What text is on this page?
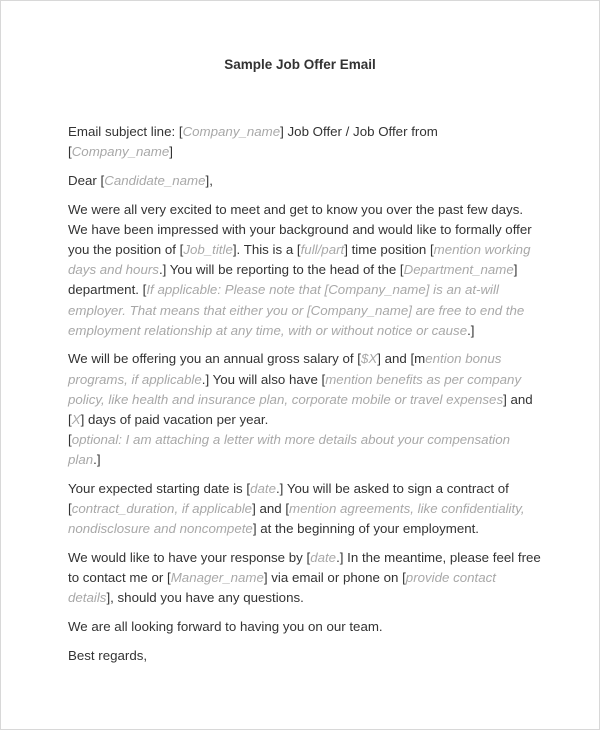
Sample Job Offer Email
Email subject line: [Company_name] Job Offer / Job Offer from
[Company_name]
Dear [Candidate_name],
We were all very excited to meet and get to know you over the past few days.
We have been impressed with your background and would like to formally offer
you the position of [Job_title]. This is a [full/part] time position [mention working
days and hours.] You will be reporting to the head of the [Department_name]
department. [If applicable: Please note that [Company_name] is an at-will
employer. That means that either you or [Company_name] are free to end the
employment relationship at any time, with or without notice or cause.]
We will be offering you an annual gross salary of [$X] and [mention bonus
programs, if applicable.] You will also have [mention benefits as per company
policy, like health and insurance plan, corporate mobile or travel expenses] and
[X] days of paid vacation per year.
[optional: I am attaching a letter with more details about your compensation
plan.]
Your expected starting date is [date.] You will be asked to sign a contract of
[contract_duration, if applicable] and [mention agreements, like confidentiality,
nondisclosure and noncompete] at the beginning of your employment.
We would like to have your response by [date.] In the meantime, please feel free
to contact me or [Manager_name] via email or phone on [provide contact
details], should you have any questions.
We are all looking forward to having you on our team.
Best regards,
